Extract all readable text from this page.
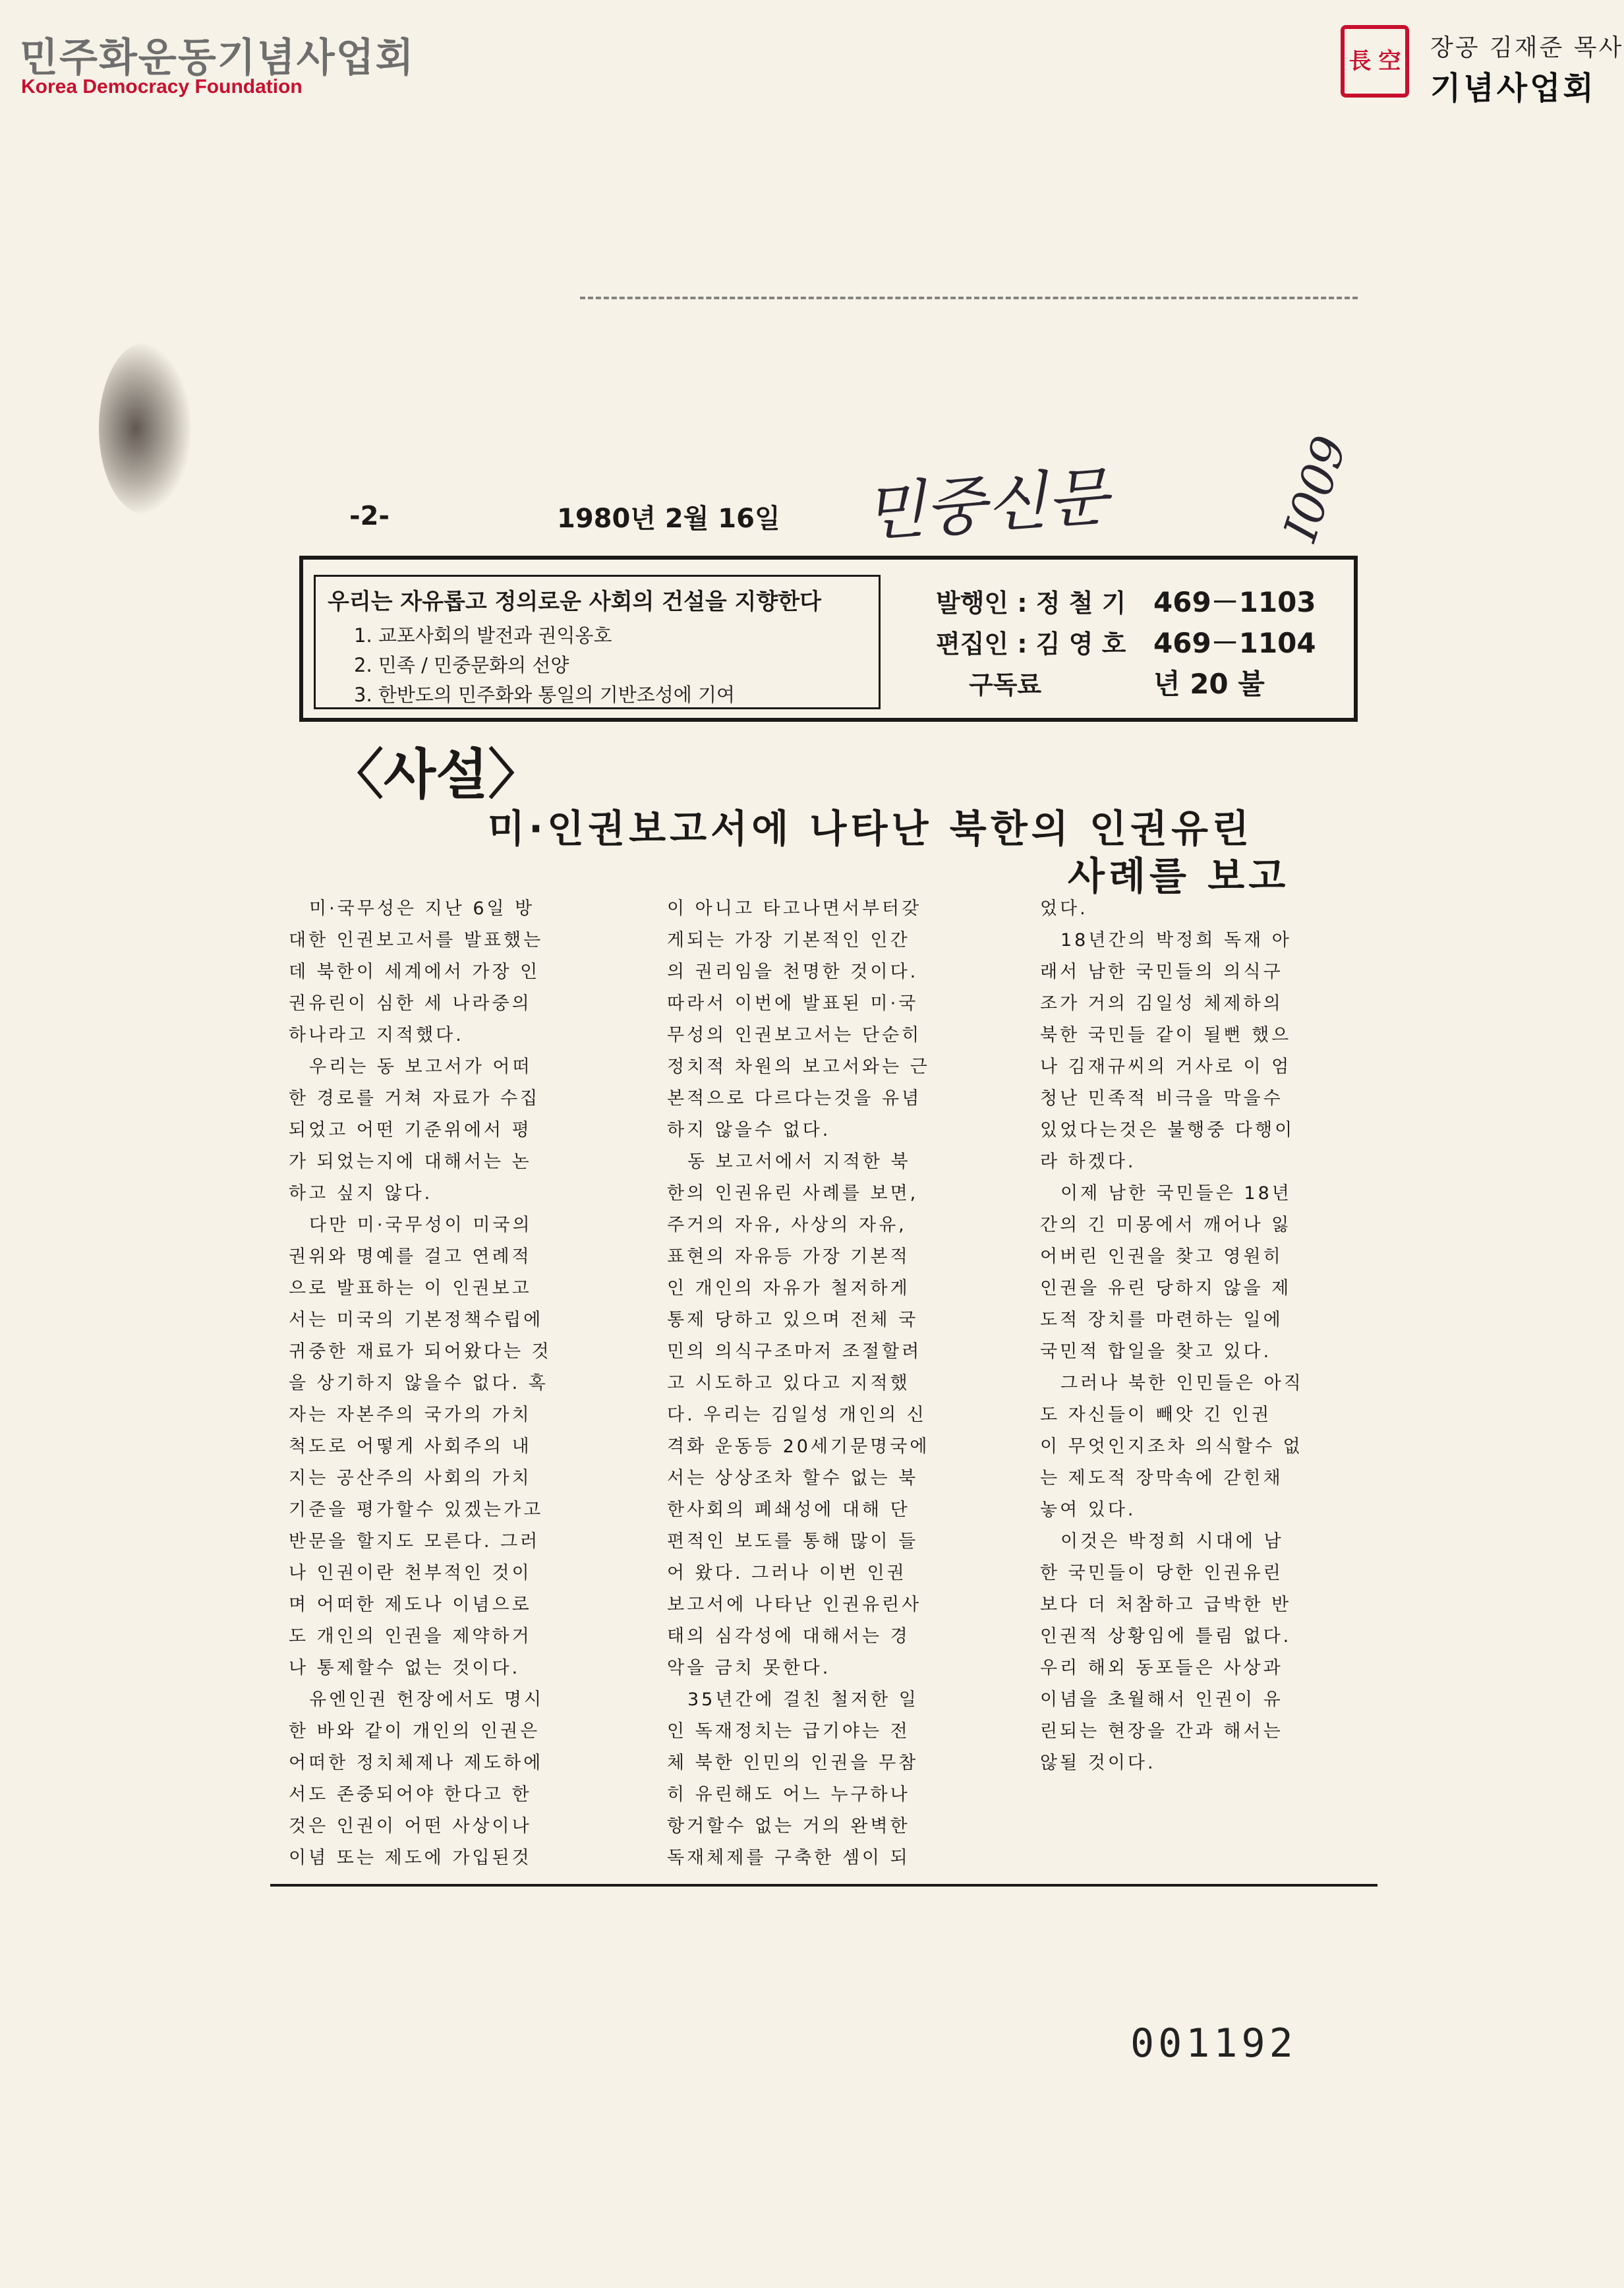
민주화운동기념사업회
Korea Democracy Foundation
長 空 장공 김재준 목사
기념사업회
-2-	1980년 2월 16일 민중신문	I009
우리는 자유롭고 정의로운 사회의 건설을 지향한다
1. 교포사회의 발전과 권익옹호
2. 민족 / 민중문화의 선양
3. 한반도의 민주화와 통일의 기반조성에 기여
발행인 : 정 철 기 469－1103
편집인 : 김 영 호 469－1104
구독료	년 20 불
〈사설〉
미·인권보고서에 나타난 북한의 인권유린
사례를 보고
　미·국무성은 지난 6일 방
대한 인권보고서를 발표했는
데 북한이 세계에서 가장 인
권유린이 심한 세 나라중의
하나라고 지적했다.
　우리는 동 보고서가 어떠
한 경로를 거쳐 자료가 수집
되었고 어떤 기준위에서 평
가 되었는지에 대해서는 논
하고 싶지 않다.
　다만 미·국무성이 미국의
권위와 명예를 걸고 연례적
으로 발표하는 이 인권보고
서는 미국의 기본정책수립에
귀중한 재료가 되어왔다는 것
을 상기하지 않을수 없다. 혹
자는 자본주의 국가의 가치
척도로 어떻게 사회주의 내
지는 공산주의 사회의 가치
기준을 평가할수 있겠는가고
반문을 할지도 모른다. 그러
나 인권이란 천부적인 것이
며 어떠한 제도나 이념으로
도 개인의 인권을 제약하거
나 통제할수 없는 것이다.
　유엔인권 헌장에서도 명시
한 바와 같이 개인의 인권은
어떠한 정치체제나 제도하에
서도 존중되어야 한다고 한
것은 인권이 어떤 사상이나
이념 또는 제도에 가입된것
이 아니고 타고나면서부터갖
게되는 가장 기본적인 인간
의 권리임을 천명한 것이다.
따라서 이번에 발표된 미·국
무성의 인권보고서는 단순히
정치적 차원의 보고서와는 근
본적으로 다르다는것을 유념
하지 않을수 없다.
　동 보고서에서 지적한 북
한의 인권유린 사례를 보면,
주거의 자유, 사상의 자유,
표현의 자유등 가장 기본적
인 개인의 자유가 철저하게
통제 당하고 있으며 전체 국
민의 의식구조마저 조절할려
고 시도하고 있다고 지적했
다. 우리는 김일성 개인의 신
격화 운동등 20세기문명국에
서는 상상조차 할수 없는 북
한사회의 폐쇄성에 대해 단
편적인 보도를 통해 많이 들
어 왔다. 그러나 이번 인권
보고서에 나타난 인권유린사
태의 심각성에 대해서는 경
악을 금치 못한다.
　35년간에 걸친 철저한 일
인 독재정치는 급기야는 전
체 북한 인민의 인권을 무참
히 유린해도 어느 누구하나
항거할수 없는 거의 완벽한
독재체제를 구축한 셈이 되
었다.
　18년간의 박정희 독재 아
래서 남한 국민들의 의식구
조가 거의 김일성 체제하의
북한 국민들 같이 될뻔 했으
나 김재규씨의 거사로 이 엄
청난 민족적 비극을 막을수
있었다는것은 불행중 다행이
라 하겠다.
　이제 남한 국민들은 18년
간의 긴 미몽에서 깨어나 잃
어버린 인권을 찾고 영원히
인권을 유린 당하지 않을 제
도적 장치를 마련하는 일에
국민적 합일을 찾고 있다.
　그러나 북한 인민들은 아직
도 자신들이 빼앗 긴 인권
이 무엇인지조차 의식할수 없
는 제도적 장막속에 갇힌채
놓여 있다.
　이것은 박정희 시대에 남
한 국민들이 당한 인권유린
보다 더 처참하고 급박한 반
인권적 상황임에 틀림 없다.
우리 해외 동포들은 사상과
이념을 초월해서 인권이 유
린되는 현장을 간과 해서는
않될 것이다.
001192
